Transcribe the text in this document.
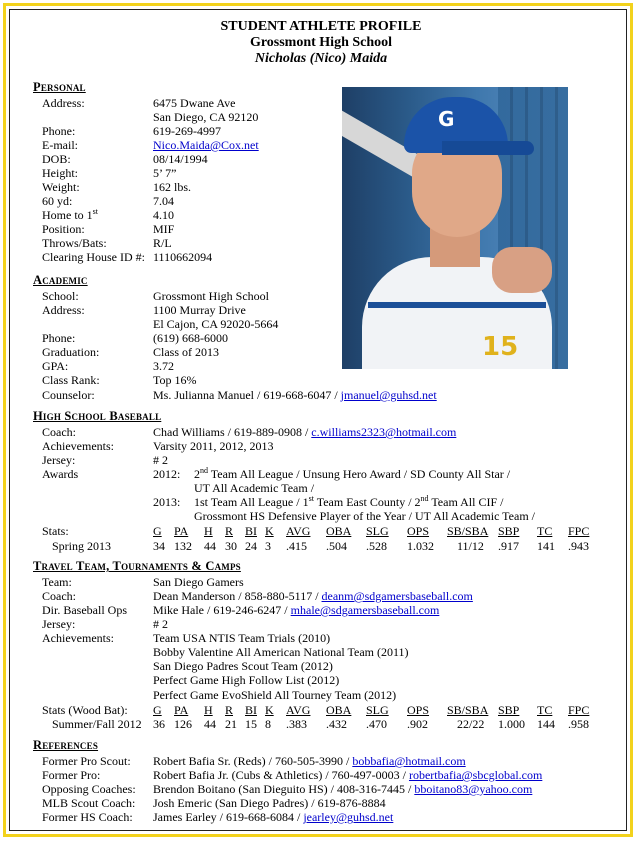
STUDENT ATHLETE PROFILE
Grossmont High School
Nicholas (Nico) Maida
Personal
Address:	6475 Dwane Ave
San Diego, CA 92120
Phone:	619-269-4997
E-mail:	Nico.Maida@Cox.net
DOB:	08/14/1994
Height:	5’ 7”
Weight:	162 lbs.
60 yd:	7.04
Home to 1st	4.10
Position:	MIF
Throws/Bats:	R/L
Clearing House ID #: 1110662094
15
G
Academic
School:	Grossmont High School
Address:	1100 Murray Drive
El Cajon, CA 92020-5664
Phone:	(619) 668-6000
Graduation:	Class of 2013
GPA:	3.72
Class Rank:	Top 16%
Counselor:	Ms. Julianna Manuel / 619-668-6047 / jmanuel@guhsd.net
High School Baseball
Coach:	Chad Williams / 619-889-0908 / c.williams2323@hotmail.com
Achievements:	Varsity 2011, 2012, 2013
Jersey:	# 2
Awards	2012: 2nd Team All League / Unsung Hero Award / SD County All Star /
UT All Academic Team /
2013: 1st Team All League / 1st Team East County / 2nd Team All CIF /
Grossmont HS Defensive Player of the Year / UT All Academic Team /
Stats:	G PA H R BI K AVG OBA SLG OPS SB/SBA SBP TC FPC
Spring 2013	34 132 44 30 24 3 .415 .504 .528 1.032 11/12 .917 141 .943
Travel Team, Tournaments & Camps
Team:	San Diego Gamers
Coach:	Dean Manderson / 858-880-5117 / deanm@sdgamersbaseball.com
Dir. Baseball Ops Mike Hale / 619-246-6247 / mhale@sdgamersbaseball.com
Jersey:	# 2
Achievements:	Team USA NTIS Team Trials (2010)
Bobby Valentine All American National Team (2011)
San Diego Padres Scout Team (2012)
Perfect Game High Follow List (2012)
Perfect Game EvoShield All Tourney Team (2012)
Stats (Wood Bat): G PA H R BI K AVG OBA SLG OPS SB/SBA SBP TC FPC
Summer/Fall 2012 36 126 44 21 15 8 .383 .432 .470 .902 22/22 1.000 144 .958
References
Former Pro Scout: Robert Bafia Sr. (Reds) / 760-505-3990 / bobbafia@hotmail.com
Former Pro:	Robert Bafia Jr. (Cubs & Athletics) / 760-497-0003 / robertbafia@sbcglobal.com
Opposing Coaches: Brendon Boitano (San Dieguito HS) / 408-316-7445 / bboitano83@yahoo.com
MLB Scout Coach: Josh Emeric (San Diego Padres) / 619-876-8884
Former HS Coach: James Earley / 619-668-6084 / jearley@guhsd.net
